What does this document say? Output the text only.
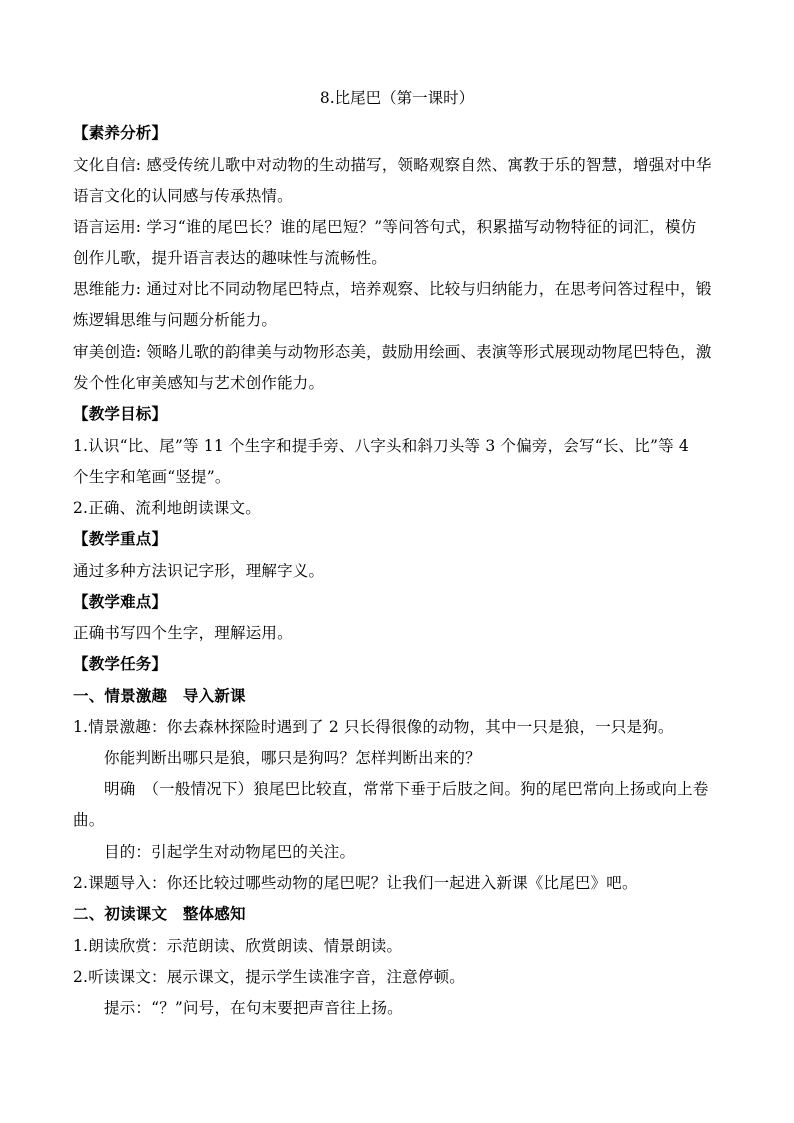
8.比尾巴（第一课时）
【素养分析】
文化自信: 感受传统儿歌中对动物的生动描写，领略观察自然、寓教于乐的智慧，增强对中华
语言文化的认同感与传承热情。
语言运用: 学习“谁的尾巴长？谁的尾巴短？”等问答句式，积累描写动物特征的词汇，模仿
创作儿歌，提升语言表达的趣味性与流畅性。
思维能力: 通过对比不同动物尾巴特点，培养观察、比较与归纳能力，在思考问答过程中，锻
炼逻辑思维与问题分析能力。
审美创造: 领略儿歌的韵律美与动物形态美，鼓励用绘画、表演等形式展现动物尾巴特色，激
发个性化审美感知与艺术创作能力。
【教学目标】
1.认识“比、尾”等 11 个生字和提手旁、八字头和斜刀头等 3 个偏旁，会写“长、比”等 4
个生字和笔画“竖提”。
2.正确、流利地朗读课文。
【教学重点】
通过多种方法识记字形，理解字义。
【教学难点】
正确书写四个生字，理解运用。
【教学任务】
一、情景激趣　导入新课
1.情景激趣：你去森林探险时遇到了 2 只长得很像的动物，其中一只是狼，一只是狗。
你能判断出哪只是狼，哪只是狗吗？怎样判断出来的？
明确　（一般情况下）狼尾巴比较直，常常下垂于后肢之间。狗的尾巴常向上扬或向上卷
曲。
目的：引起学生对动物尾巴的关注。
2.课题导入：你还比较过哪些动物的尾巴呢？让我们一起进入新课《比尾巴》吧。
二、初读课文　整体感知
1.朗读欣赏：示范朗读、欣赏朗读、情景朗读。
2.听读课文：展示课文，提示学生读准字音，注意停顿。
提示：“？”问号，在句末要把声音往上扬。
